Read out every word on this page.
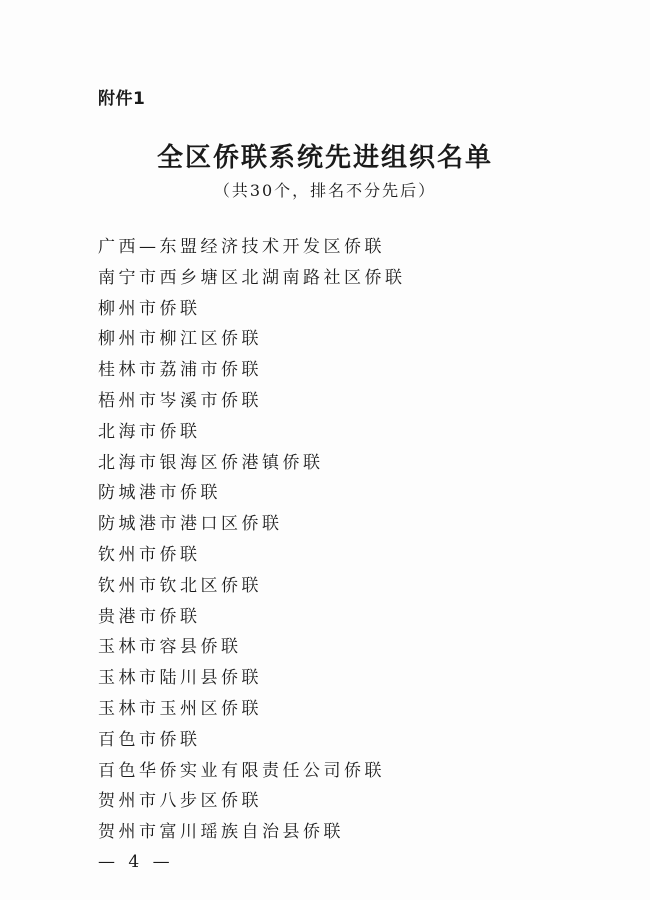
附件1
全区侨联系统先进组织名单
（共30个，排名不分先后）
广西—东盟经济技术开发区侨联
南宁市西乡塘区北湖南路社区侨联
柳州市侨联
柳州市柳江区侨联
桂林市荔浦市侨联
梧州市岑溪市侨联
北海市侨联
北海市银海区侨港镇侨联
防城港市侨联
防城港市港口区侨联
钦州市侨联
钦州市钦北区侨联
贵港市侨联
玉林市容县侨联
玉林市陆川县侨联
玉林市玉州区侨联
百色市侨联
百色华侨实业有限责任公司侨联
贺州市八步区侨联
贺州市富川瑶族自治县侨联
— 4 —
